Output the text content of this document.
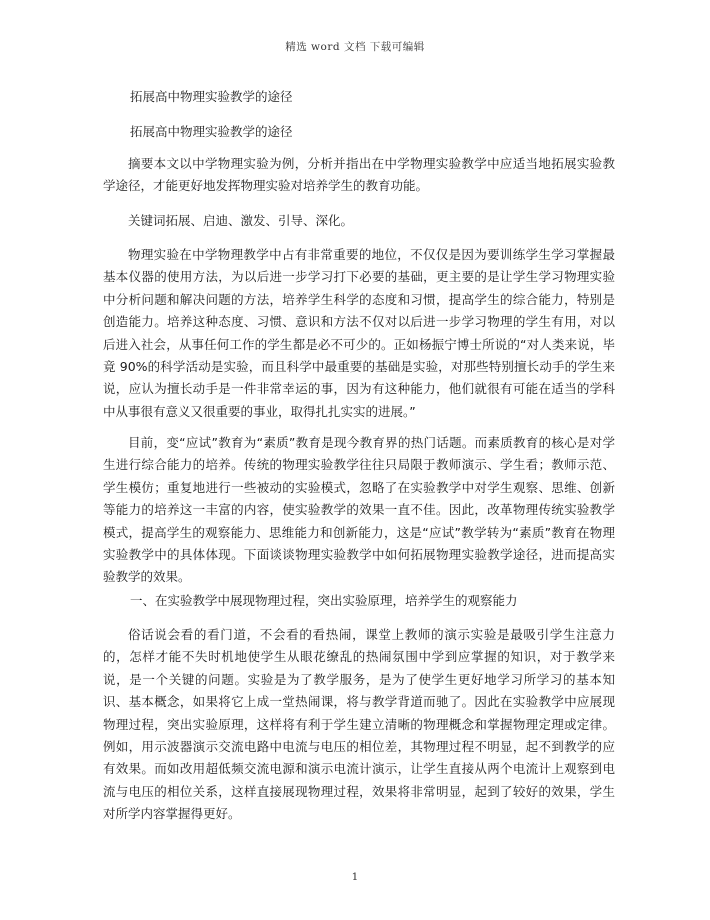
精选 word 文档 下载可编辑

拓展高中物理实验教学的途径

拓展高中物理实验教学的途径

摘要本文以中学物理实验为例，分析并指出在中学物理实验教学中应适当地拓展实验教学途径，才能更好地发挥物理实验对培养学生的教育功能。

关键词拓展、启迪、激发、引导、深化。

物理实验在中学物理教学中占有非常重要的地位，不仅仅是因为要训练学生学习掌握最基本仪器的使用方法，为以后进一步学习打下必要的基础，更主要的是让学生学习物理实验中分析问题和解决问题的方法，培养学生科学的态度和习惯，提高学生的综合能力，特别是创造能力。培养这种态度、习惯、意识和方法不仅对以后进一步学习物理的学生有用，对以后进入社会，从事任何工作的学生都是必不可少的。正如杨振宁博士所说的“对人类来说，毕竟 90%的科学活动是实验，而且科学中最重要的基础是实验，对那些特别擅长动手的学生来说，应认为擅长动手是一件非常幸运的事，因为有这种能力，他们就很有可能在适当的学科中从事很有意义又很重要的事业，取得扎扎实实的进展。”

目前，变“应试”教育为“素质”教育是现今教育界的热门话题。而素质教育的核心是对学生进行综合能力的培养。传统的物理实验教学往往只局限于教师演示、学生看；教师示范、学生模仿；重复地进行一些被动的实验模式，忽略了在实验教学中对学生观察、思维、创新等能力的培养这一丰富的内容，使实验教学的效果一直不佳。因此，改革物理传统实验教学模式，提高学生的观察能力、思维能力和创新能力，这是“应试”教学转为“素质”教育在物理实验教学中的具体体现。下面谈谈物理实验教学中如何拓展物理实验教学途径，进而提高实验教学的效果。

一、在实验教学中展现物理过程，突出实验原理，培养学生的观察能力

俗话说会看的看门道，不会看的看热闹，课堂上教师的演示实验是最吸引学生注意力的，怎样才能不失时机地使学生从眼花缭乱的热闹氛围中学到应掌握的知识，对于教学来说，是一个关键的问题。实验是为了教学服务，是为了使学生更好地学习所学习的基本知识、基本概念，如果将它上成一堂热闹课，将与教学背道而驰了。因此在实验教学中应展现物理过程，突出实验原理，这样将有利于学生建立清晰的物理概念和掌握物理定理或定律。例如，用示波器演示交流电路中电流与电压的相位差，其物理过程不明显，起不到教学的应有效果。而如改用超低频交流电源和演示电流计演示，让学生直接从两个电流计上观察到电流与电压的相位关系，这样直接展现物理过程，效果将非常明显，起到了较好的效果，学生对所学内容掌握得更好。

1
